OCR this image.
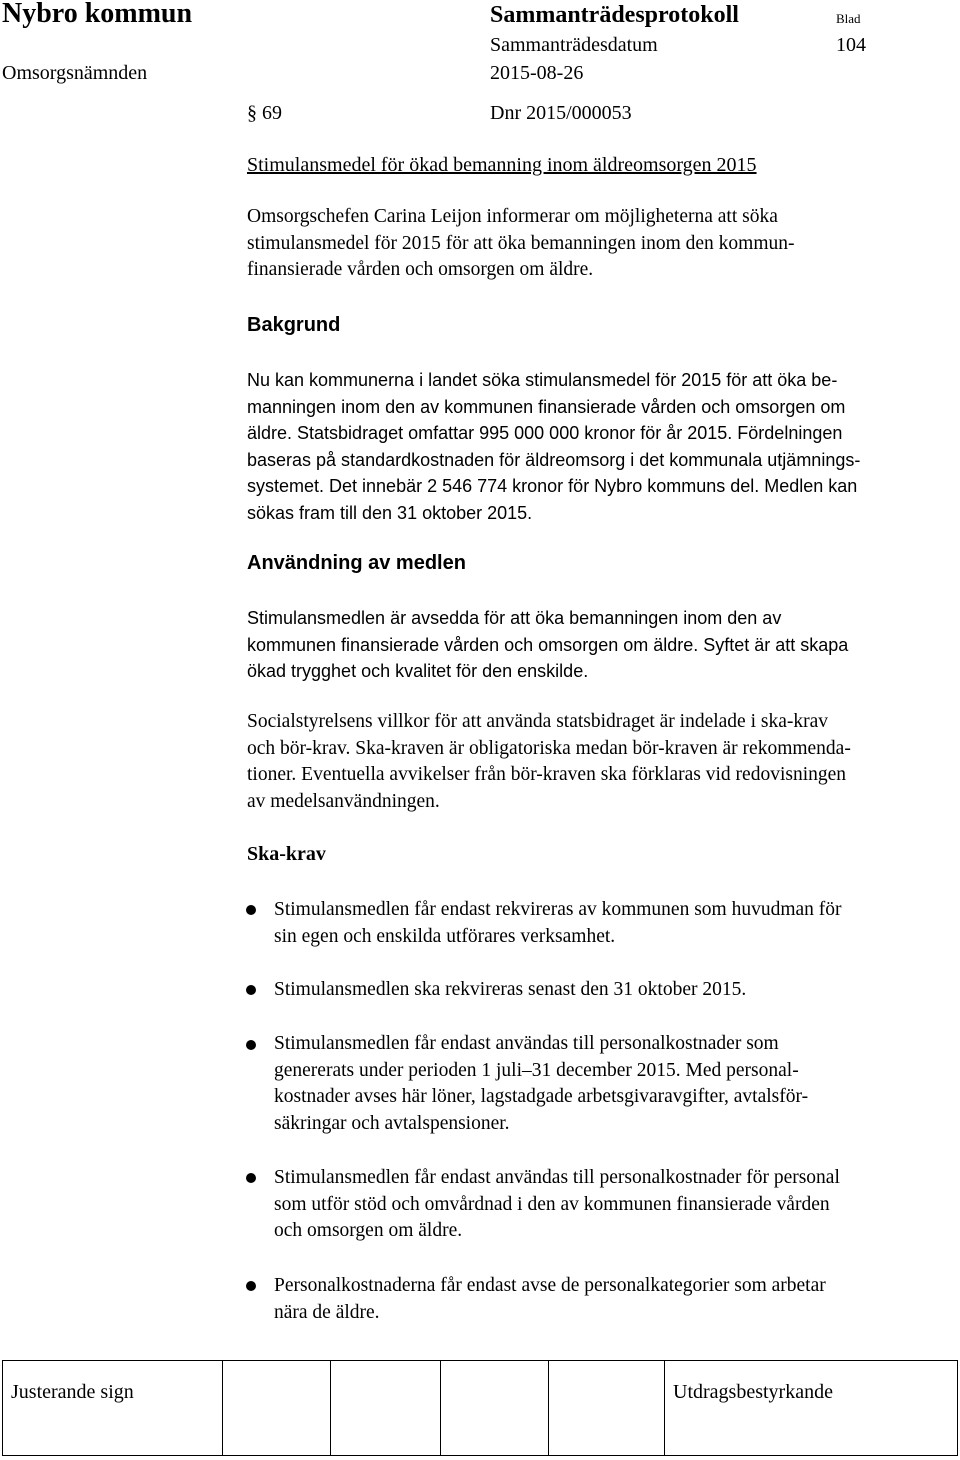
Nybro kommun	Sammanträdesprotokoll	Blad
Sammanträdesdatum	104
Omsorgsnämnden	2015-08-26
§ 69	Dnr 2015/000053
Stimulansmedel för ökad bemanning inom äldreomsorgen 2015
Omsorgschefen Carina Leijon informerar om möjligheterna att söka
stimulansmedel för 2015 för att öka bemanningen inom den kommun-
finansierade vården och omsorgen om äldre.
Bakgrund
Nu kan kommunerna i landet söka stimulansmedel för 2015 för att öka be-
manningen inom den av kommunen finansierade vården och omsorgen om
äldre. Statsbidraget omfattar 995 000 000 kronor för år 2015. Fördelningen
baseras på standardkostnaden för äldreomsorg i det kommunala utjämnings-
systemet. Det innebär 2 546 774 kronor för Nybro kommuns del. Medlen kan
sökas fram till den 31 oktober 2015.
Användning av medlen
Stimulansmedlen är avsedda för att öka bemanningen inom den av
kommunen finansierade vården och omsorgen om äldre. Syftet är att skapa
ökad trygghet och kvalitet för den enskilde.
Socialstyrelsens villkor för att använda statsbidraget är indelade i ska-krav
och bör-krav. Ska-kraven är obligatoriska medan bör-kraven är rekommenda-
tioner. Eventuella avvikelser från bör-kraven ska förklaras vid redovisningen
av medelsanvändningen.
Ska-krav
Stimulansmedlen får endast rekvireras av kommunen som huvudman för
sin egen och enskilda utförares verksamhet.
Stimulansmedlen ska rekvireras senast den 31 oktober 2015.
Stimulansmedlen får endast användas till personalkostnader som
genererats under perioden 1 juli–31 december 2015. Med personal-
kostnader avses här löner, lagstadgade arbetsgivaravgifter, avtalsför-
säkringar och avtalspensioner.
Stimulansmedlen får endast användas till personalkostnader för personal
som utför stöd och omvårdnad i den av kommunen finansierade vården
och omsorgen om äldre.
Personalkostnaderna får endast avse de personalkategorier som arbetar
nära de äldre.
Justerande sign	Utdragsbestyrkande
